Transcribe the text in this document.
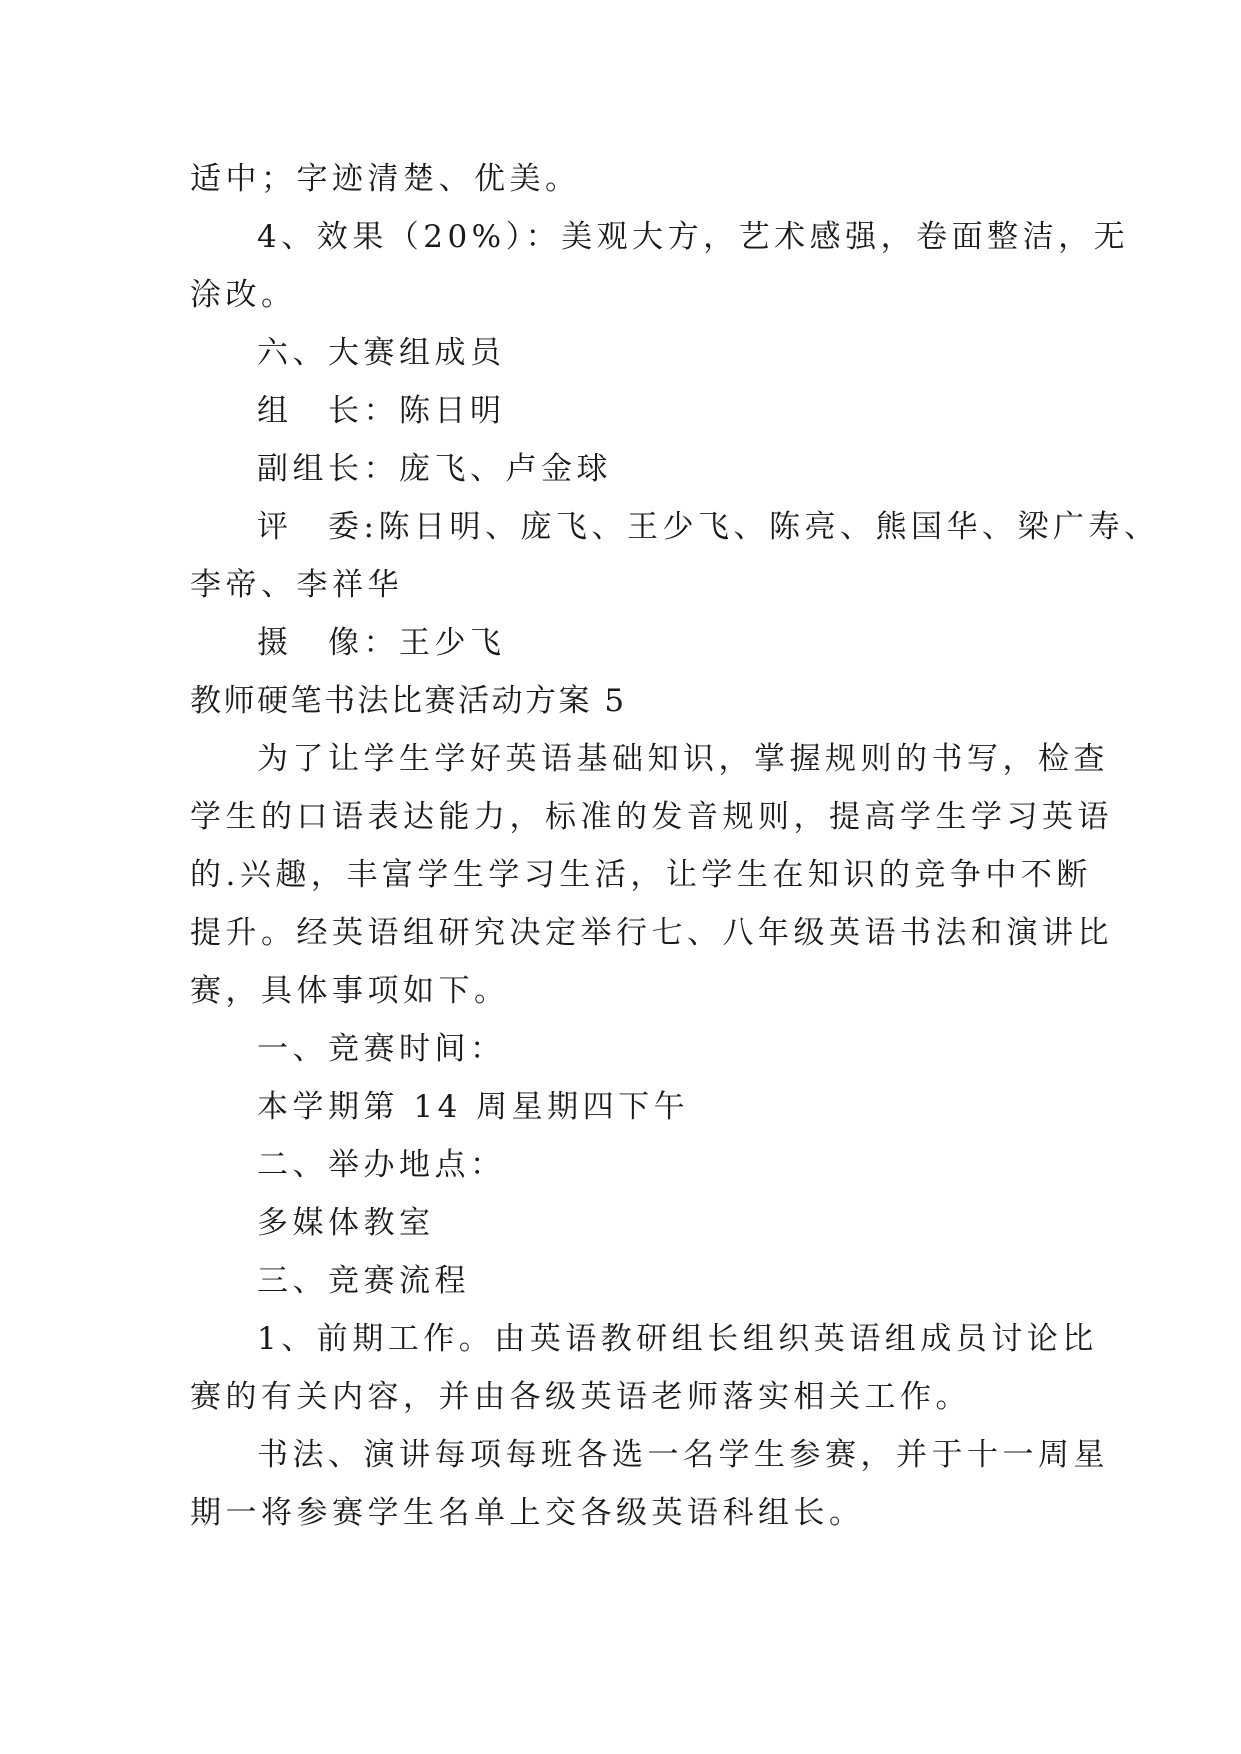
适中；字迹清楚、优美。
4、效果（20%）：美观大方，艺术感强，卷面整洁，无
涂改。
六、大赛组成员
组　长：陈日明
副组长：庞飞、卢金球
评　委:陈日明、庞飞、王少飞、陈亮、熊国华、梁广寿、
李帝、李祥华
摄　像：王少飞
教师硬笔书法比赛活动方案 5
为了让学生学好英语基础知识，掌握规则的书写，检查
学生的口语表达能力，标准的发音规则，提高学生学习英语
的.兴趣，丰富学生学习生活，让学生在知识的竞争中不断
提升。经英语组研究决定举行七、八年级英语书法和演讲比
赛，具体事项如下。
一、竞赛时间：
本学期第 14 周星期四下午
二、举办地点：
多媒体教室
三、竞赛流程
1、前期工作。由英语教研组长组织英语组成员讨论比
赛的有关内容，并由各级英语老师落实相关工作。
书法、演讲每项每班各选一名学生参赛，并于十一周星
期一将参赛学生名单上交各级英语科组长。
